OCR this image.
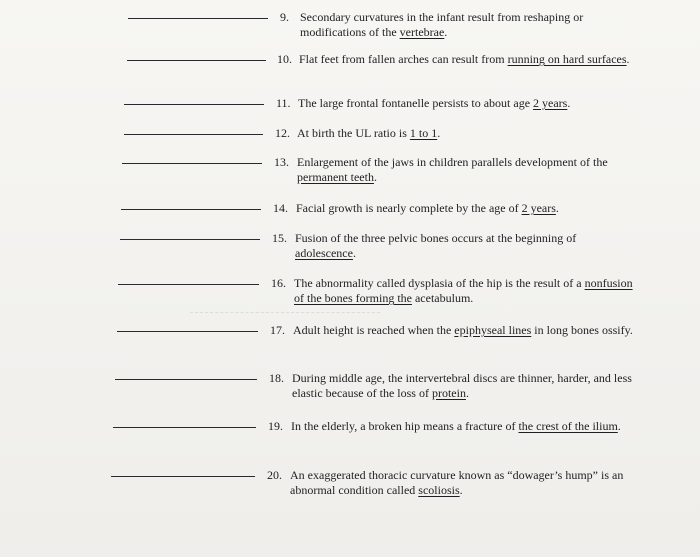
9. Secondary curvatures in the infant result from reshaping or modifications of the vertebrae.
10. Flat feet from fallen arches can result from running on hard surfaces.
11. The large frontal fontanelle persists to about age 2 years.
12. At birth the UL ratio is 1 to 1.
13. Enlargement of the jaws in children parallels development of the permanent teeth.
14. Facial growth is nearly complete by the age of 2 years.
15. Fusion of the three pelvic bones occurs at the beginning of adolescence.
16. The abnormality called dysplasia of the hip is the result of a nonfusion of the bones forming the acetabulum.
17. Adult height is reached when the epiphyseal lines in long bones ossify.
18. During middle age, the intervertebral discs are thinner, harder, and less elastic because of the loss of protein.
19. In the elderly, a broken hip means a fracture of the crest of the ilium.
20. An exaggerated thoracic curvature known as “dowager’s hump” is an abnormal condition called scoliosis.
